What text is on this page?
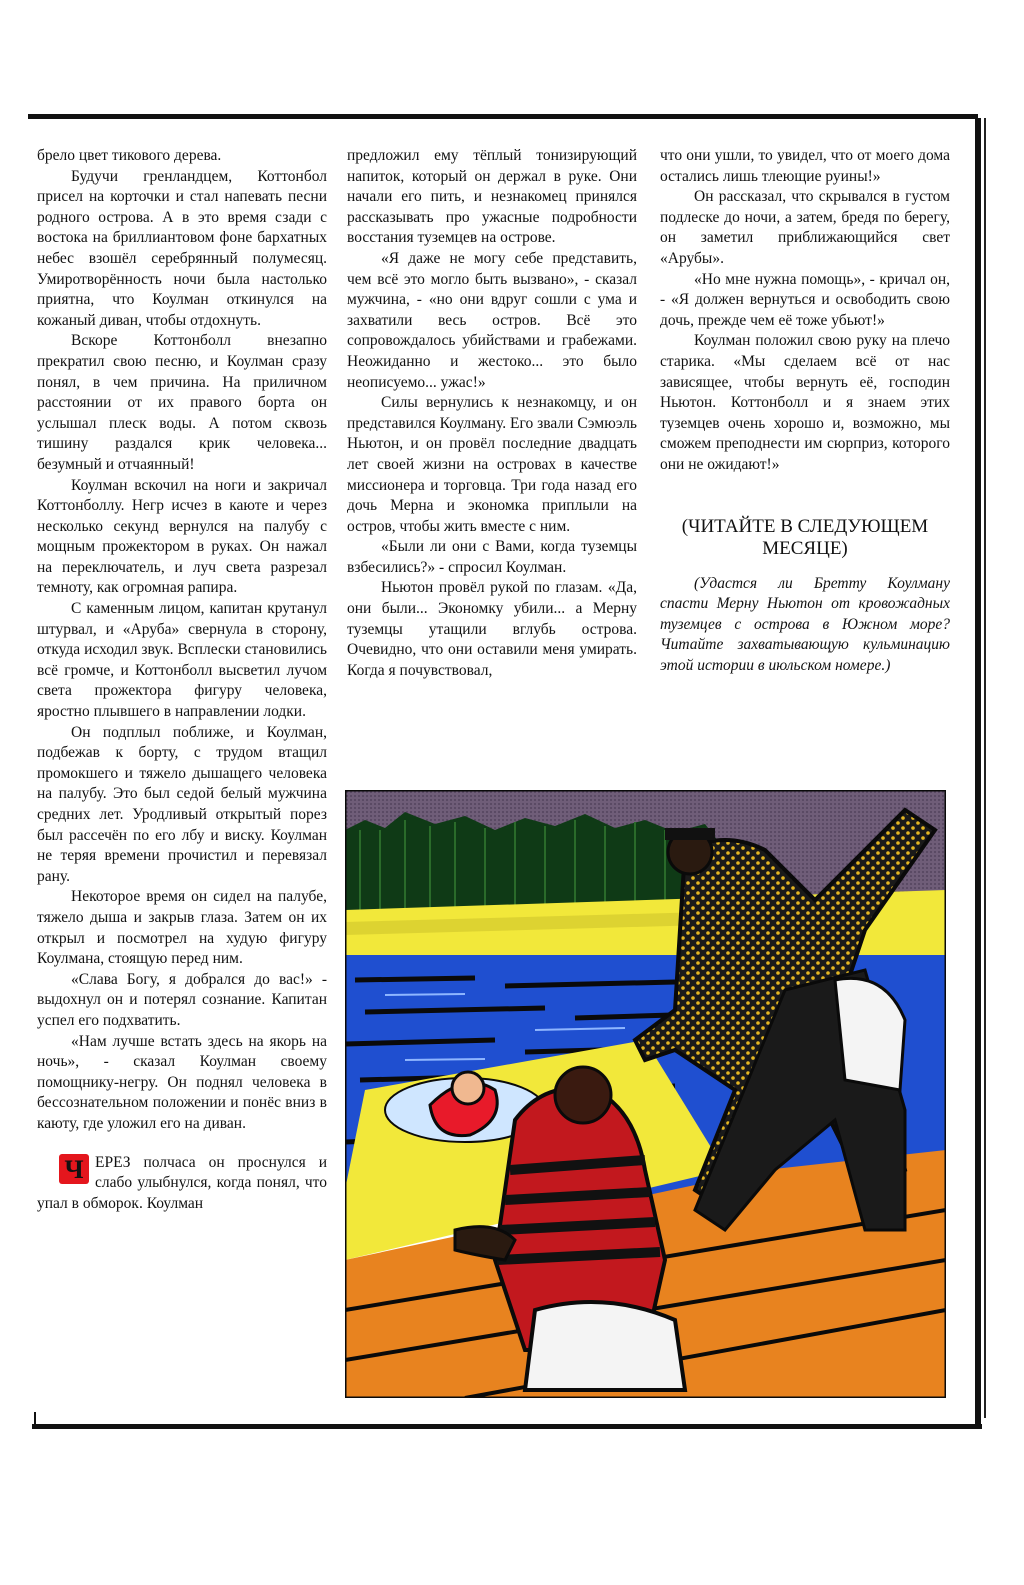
брело цвет тикового дерева.

Будучи гренландцем, Коттонбол присел на корточки и стал напевать песни родного острова. А в это время сзади с востока на бриллиантовом фоне бархатных небес взошёл серебрянный полумесяц. Умиротворённость ночи была настолько приятна, что Коулман откинулся на кожаный диван, чтобы отдохнуть.

Вскоре Коттонболл внезапно прекратил свою песню, и Коулман сразу понял, в чем причина. На приличном расстоянии от их правого борта он услышал плеск воды. А потом сквозь тишину раздался крик человека... безумный и отчаянный!

Коулман вскочил на ноги и закричал Коттонболлу. Негр исчез в каюте и через несколько секунд вернулся на палубу с мощным прожектором в руках. Он нажал на переключатель, и луч света разрезал темноту, как огромная рапира.

С каменным лицом, капитан крутанул штурвал, и «Аруба» свернула в сторону, откуда исходил звук. Всплески становились всё громче, и Коттонболл высветил лучом света прожектора фигуру человека, яростно плывшего в направлении лодки.

Он подплыл поближе, и Коулман, подбежав к борту, с трудом втащил промокшего и тяжело дышащего человека на палубу. Это был седой белый мужчина средних лет. Уродливый открытый порез был рассечён по его лбу и виску. Коулман не теряя времени прочистил и перевязал рану.

Некоторое время он сидел на палубе, тяжело дыша и закрыв глаза. Затем он их открыл и посмотрел на худую фигуру Коулмана, стоящую перед ним.

«Слава Богу, я добрался до вас!» - выдохнул он и потерял сознание. Капитан успел его подхватить.

«Нам лучше встать здесь на якорь на ночь», - сказал Коулман своему помощнику-негру. Он поднял человека в бессознательном положении и понёс вниз в каюту, где уложил его на диван.

Ч ЕРЕЗ полчаса он проснулся и слабо улыбнулся, когда понял, что упал в обморок. Коулман

предложил ему тёплый тонизирующий напиток, который он держал в руке. Они начали его пить, и незнакомец принялся рассказывать про ужасные подробности восстания туземцев на острове.

«Я даже не могу себе представить, чем всё это могло быть вызвано», - сказал мужчина, - «но они вдруг сошли с ума и захватили весь остров. Всё это сопровождалось убийствами и грабежами. Неожиданно и жестоко... это было неописуемо... ужас!»

Силы вернулись к незнакомцу, и он представился Коулману. Его звали Сэмюэль Ньютон, и он провёл последние двадцать лет своей жизни на островах в качестве миссионера и торговца. Три года назад его дочь Мерна и экономка приплыли на остров, чтобы жить вместе с ним.

«Были ли они с Вами, когда туземцы взбесились?» - спросил Коулман.

Ньютон провёл рукой по глазам. «Да, они были... Экономку убили... а Мерну туземцы утащили вглубь острова. Очевидно, что они оставили меня умирать. Когда я почувствовал,

что они ушли, то увидел, что от моего дома остались лишь тлеющие руины!»

Он рассказал, что скрывался в густом подлеске до ночи, а затем, бредя по берегу, он заметил приближающийся свет «Арубы».

«Но мне нужна помощь», - кричал он, - «Я должен вернуться и освободить свою дочь, прежде чем её тоже убьют!»

Коулман положил свою руку на плечо старика. «Мы сделаем всё от нас зависящее, чтобы вернуть её, господин Ньютон. Коттонболл и я знаем этих туземцев очень хорошо и, возможно, мы сможем преподнести им сюрприз, которого они не ожидают!»

(ЧИТАЙТЕ В СЛЕДУЮЩЕМ МЕСЯЦЕ)

(Удастся ли Бретту Коулману спасти Мерну Ньютон от кровожадных туземцев с острова в Южном море? Читайте захватывающую кульминацию этой истории в июльском номере.)
